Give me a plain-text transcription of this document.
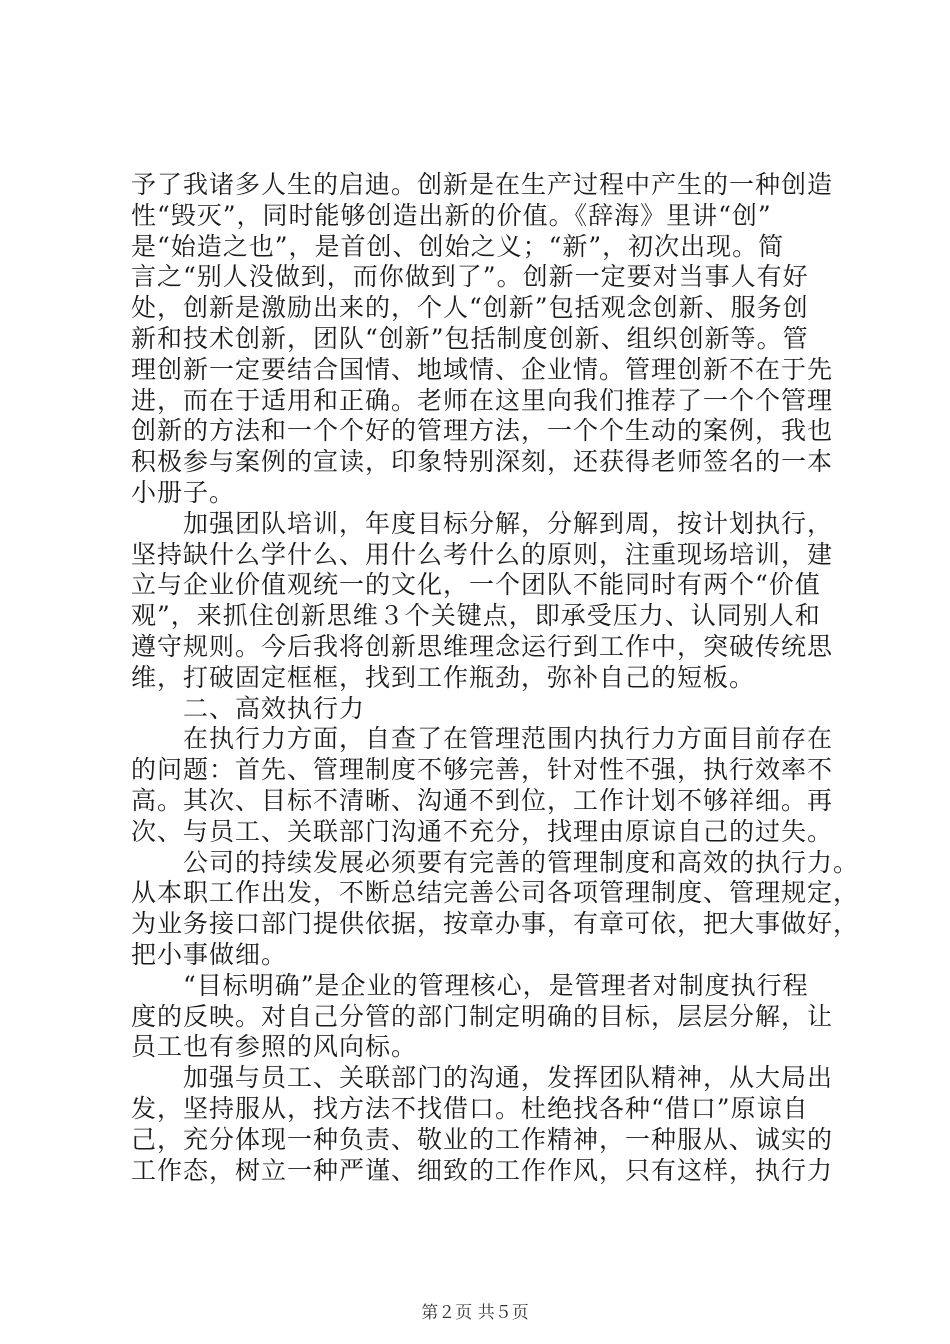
予了我诸多人生的启迪。创新是在生产过程中产生的一种创造
性“毁灭”，同时能够创造出新的价值。《辞海》里讲“创”
是“始造之也”，是首创、创始之义；“新”，初次出现。简
言之“别人没做到，而你做到了”。创新一定要对当事人有好
处，创新是激励出来的，个人“创新”包括观念创新、服务创
新和技术创新，团队“创新”包括制度创新、组织创新等。管
理创新一定要结合国情、地域情、企业情。管理创新不在于先
进，而在于适用和正确。老师在这里向我们推荐了一个个管理
创新的方法和一个个好的管理方法，一个个生动的案例，我也
积极参与案例的宣读，印象特别深刻，还获得老师签名的一本
小册子。
加强团队培训，年度目标分解，分解到周，按计划执行，
坚持缺什么学什么、用什么考什么的原则，注重现场培训，建
立与企业价值观统一的文化，一个团队不能同时有两个“价值
观”，来抓住创新思维３个关键点，即承受压力、认同别人和
遵守规则。今后我将创新思维理念运行到工作中，突破传统思
维，打破固定框框，找到工作瓶劲，弥补自己的短板。
二、高效执行力
在执行力方面，自查了在管理范围内执行力方面目前存在
的问题：首先、管理制度不够完善，针对性不强，执行效率不
高。其次、目标不清晰、沟通不到位，工作计划不够祥细。再
次、与员工、关联部门沟通不充分，找理由原谅自己的过失。
公司的持续发展必须要有完善的管理制度和高效的执行力。
从本职工作出发，不断总结完善公司各项管理制度、管理规定，
为业务接口部门提供依据，按章办事，有章可依，把大事做好，
把小事做细。
“目标明确”是企业的管理核心，是管理者对制度执行程
度的反映。对自己分管的部门制定明确的目标，层层分解，让
员工也有参照的风向标。
加强与员工、关联部门的沟通，发挥团队精神，从大局出
发，坚持服从，找方法不找借口。杜绝找各种“借口”原谅自
己，充分体现一种负责、敬业的工作精神，一种服从、诚实的
工作态，树立一种严谨、细致的工作作风，只有这样，执行力
第２页 共５页
